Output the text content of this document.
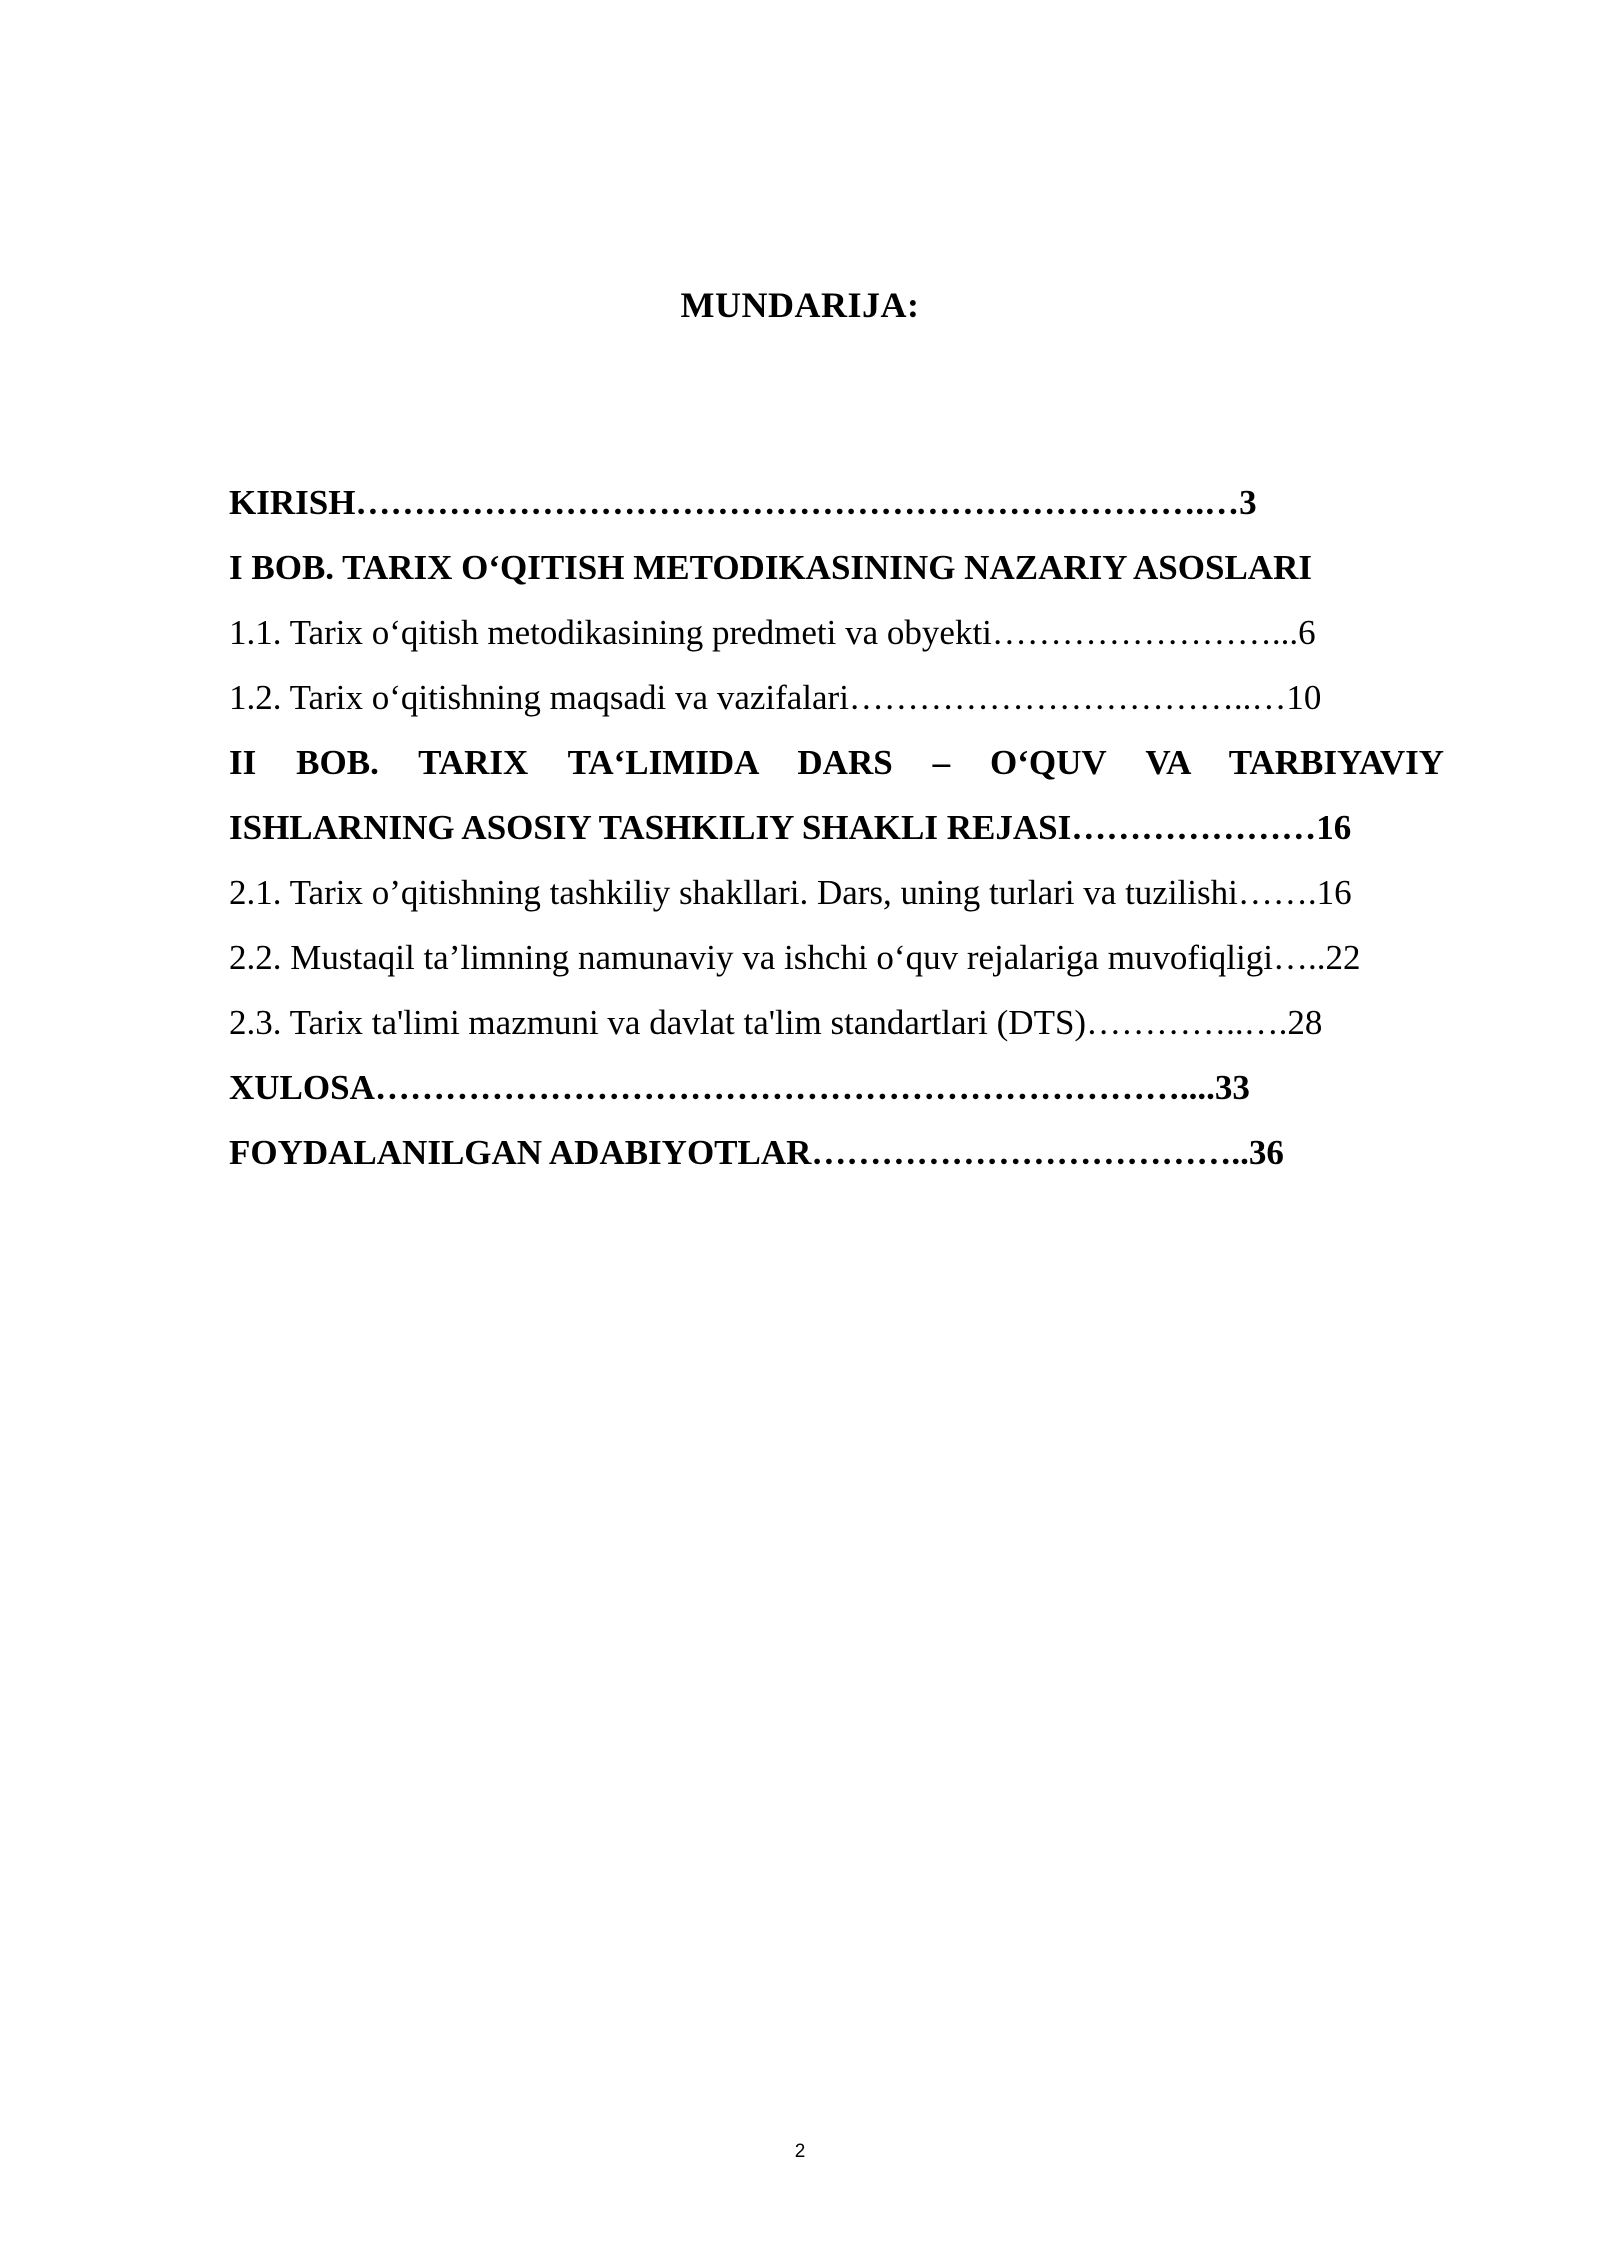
MUNDARIJA:
KIRISH……………………………………………………………….…3
I BOB. TARIX O‘QITISH METODIKASINING NAZARIY ASOSLARI
1.1. Tarix o‘qitish metodikasining predmeti va obyekti……………………...6
1.2. Tarix o‘qitishning maqsadi va vazifalari……………………………..…10
II BOB. TARIX TA‘LIMIDA DARS – O‘QUV VA TARBIYAVIY
ISHLARNING ASOSIY TASHKILIY SHAKLI REJASI…………………16
2.1. Tarix o’qitishning tashkiliy shakllari. Dars, uning turlari va tuzilishi…….16
2.2. Mustaqil ta’limning namunaviy va ishchi o‘quv rejalariga muvofiqligi…..22
2.3. Tarix ta'limi mazmuni va davlat ta'lim standartlari (DTS)…………..….28
XULOSA……………………………………………………………....33
FOYDALANILGAN ADABIYOTLAR………………………………..36
2
